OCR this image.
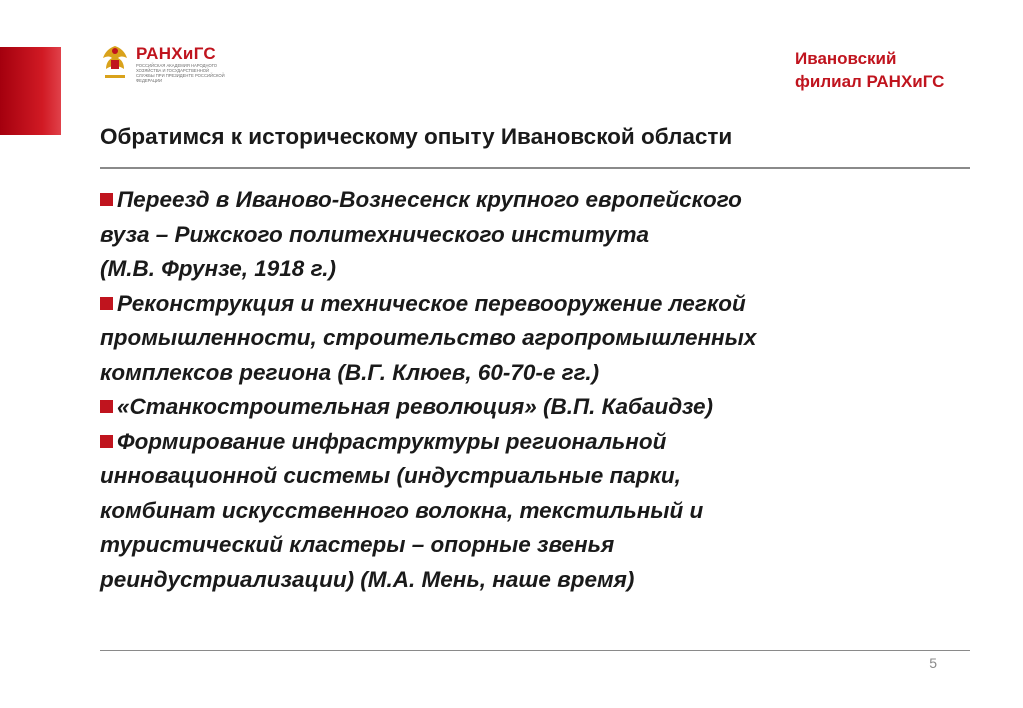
РАНХиГС
РОССИЙСКАЯ АКАДЕМИЯ НАРОДНОГО ХОЗЯЙСТВА И ГОСУДАРСТВЕННОЙ СЛУЖБЫ ПРИ ПРЕЗИДЕНТЕ РОССИЙСКОЙ ФЕДЕРАЦИИ
Ивановский
филиал РАНХиГС
Обратимся к историческому опыту Ивановской области
Переезд в Иваново-Вознесенск крупного европейского
вуза – Рижского политехнического института
(М.В. Фрунзе, 1918 г.)
Реконструкция и техническое перевооружение легкой
промышленности, строительство агропромышленных
комплексов региона (В.Г. Клюев, 60-70-е гг.)
«Станкостроительная революция» (В.П. Кабаидзе)
Формирование инфраструктуры региональной
инновационной системы (индустриальные парки,
комбинат искусственного волокна, текстильный и
туристический кластеры – опорные звенья
реиндустриализации) (М.А. Мень, наше время)
5
